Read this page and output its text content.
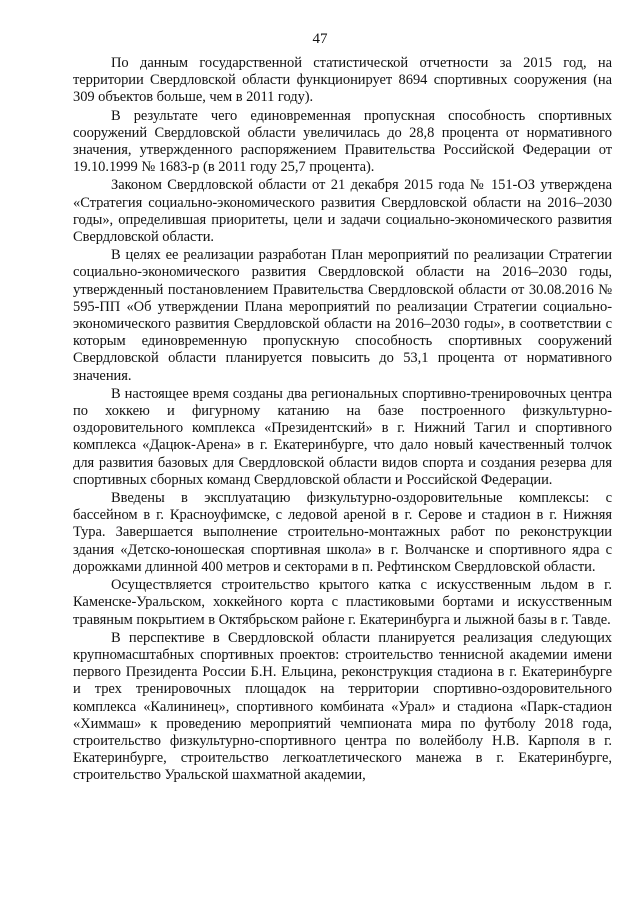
47

По данным государственной статистической отчетности за 2015 год, на территории Свердловской области функционирует 8694 спортивных сооружения (на 309 объектов больше, чем в 2011 году).

В результате чего единовременная пропускная способность спортивных сооружений Свердловской области увеличилась до 28,8 процента от нормативного значения, утвержденного распоряжением Правительства Российской Федерации от 19.10.1999 № 1683-р (в 2011 году 25,7 процента).

Законом Свердловской области от 21 декабря 2015 года № 151-ОЗ утверждена «Стратегия социально-экономического развития Свердловской области на 2016–2030 годы», определившая приоритеты, цели и задачи социально-экономического развития Свердловской области.

В целях ее реализации разработан План мероприятий по реализации Стратегии социально-экономического развития Свердловской области на 2016–2030 годы, утвержденный постановлением Правительства Свердловской области от 30.08.2016 № 595-ПП «Об утверждении Плана мероприятий по реализации Стратегии социально-экономического развития Свердловской области на 2016–2030 годы», в соответствии с которым единовременную пропускную способность спортивных сооружений Свердловской области планируется повысить до 53,1 процента от нормативного значения.

В настоящее время созданы два региональных спортивно-тренировочных центра по хоккею и фигурному катанию на базе построенного физкультурно-оздоровительного комплекса «Президентский» в г. Нижний Тагил и спортивного комплекса «Дацюк-Арена» в г. Екатеринбурге, что дало новый качественный толчок для развития базовых для Свердловской области видов спорта и создания резерва для спортивных сборных команд Свердловской области и Российской Федерации.

Введены в эксплуатацию физкультурно-оздоровительные комплексы: с бассейном в г. Красноуфимске, с ледовой ареной в г. Серове и стадион в г. Нижняя Тура. Завершается выполнение строительно-монтажных работ по реконструкции здания «Детско-юношеская спортивная школа» в г. Волчанске и спортивного ядра с дорожками длинной 400 метров и секторами в п. Рефтинском Свердловской области.

Осуществляется строительство крытого катка с искусственным льдом в г. Каменске-Уральском, хоккейного корта с пластиковыми бортами и искусственным травяным покрытием в Октябрьском районе г. Екатеринбурга и лыжной базы в г. Тавде.

В перспективе в Свердловской области планируется реализация следующих крупномасштабных спортивных проектов: строительство теннисной академии имени первого Президента России Б.Н. Ельцина, реконструкция стадиона в г. Екатеринбурге и трех тренировочных площадок на территории спортивно-оздоровительного комплекса «Калининец», спортивного комбината «Урал» и стадиона «Парк-стадион «Химмаш» к проведению мероприятий чемпионата мира по футболу 2018 года, строительство физкультурно-спортивного центра по волейболу Н.В. Карполя в г. Екатеринбурге, строительство легкоатлетического манежа в г. Екатеринбурге, строительство Уральской шахматной академии,
